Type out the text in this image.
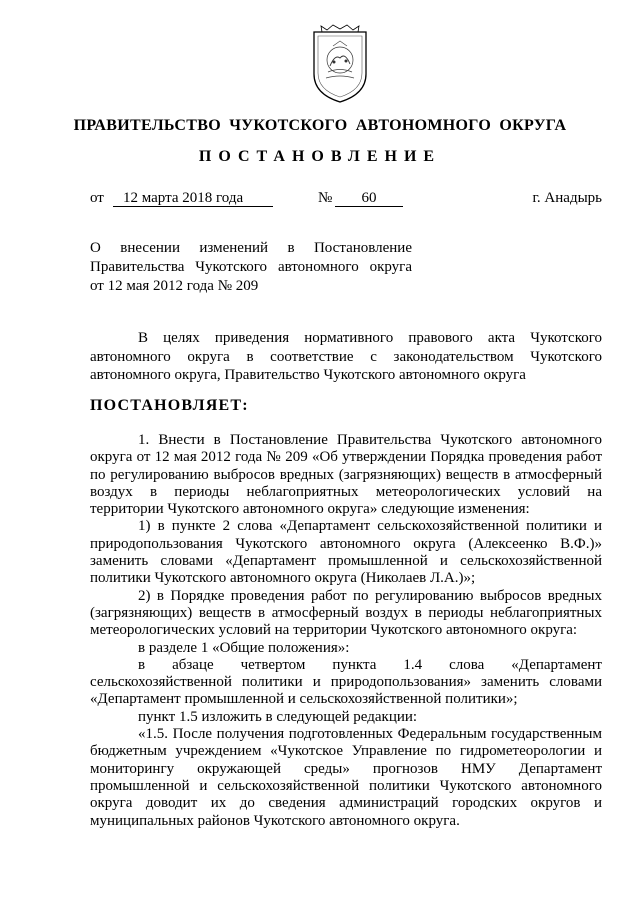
ПРАВИТЕЛЬСТВО ЧУКОТСКОГО АВТОНОМНОГО ОКРУГА
ПОСТАНОВЛЕНИЕ
от	12 марта 2018 года	№	60	г. Анадырь
О внесении изменений в Постановление
Правительства Чукотского автономного округа
от 12 мая 2012 года № 209
В целях приведения нормативного правового акта Чукотского
автономного округа в соответствие с законодательством Чукотского
автономного округа, Правительство Чукотского автономного округа
ПОСТАНОВЛЯЕТ:
1. Внести в Постановление Правительства Чукотского автономного
округа от 12 мая 2012 года № 209 «Об утверждении Порядка проведения работ
по регулированию выбросов вредных (загрязняющих) веществ в атмосферный
воздух в периоды неблагоприятных метеорологических условий на
территории Чукотского автономного округа» следующие изменения:
1) в пункте 2 слова «Департамент сельскохозяйственной политики и
природопользования Чукотского автономного округа (Алексеенко В.Ф.)»
заменить словами «Департамент промышленной и сельскохозяйственной
политики Чукотского автономного округа (Николаев Л.А.)»;
2) в Порядке проведения работ по регулированию выбросов вредных
(загрязняющих) веществ в атмосферный воздух в периоды неблагоприятных
метеорологических условий на территории Чукотского автономного округа:
в разделе 1 «Общие положения»:
в абзаце четвертом пункта 1.4 слова «Департамент
сельскохозяйственной политики и природопользования» заменить словами
«Департамент промышленной и сельскохозяйственной политики»;
пункт 1.5 изложить в следующей редакции:
«1.5. После получения подготовленных Федеральным государственным
бюджетным учреждением «Чукотское Управление по гидрометеорологии и
мониторингу окружающей среды» прогнозов НМУ Департамент
промышленной и сельскохозяйственной политики Чукотского автономного
округа доводит их до сведения администраций городских округов и
муниципальных районов Чукотского автономного округа.
